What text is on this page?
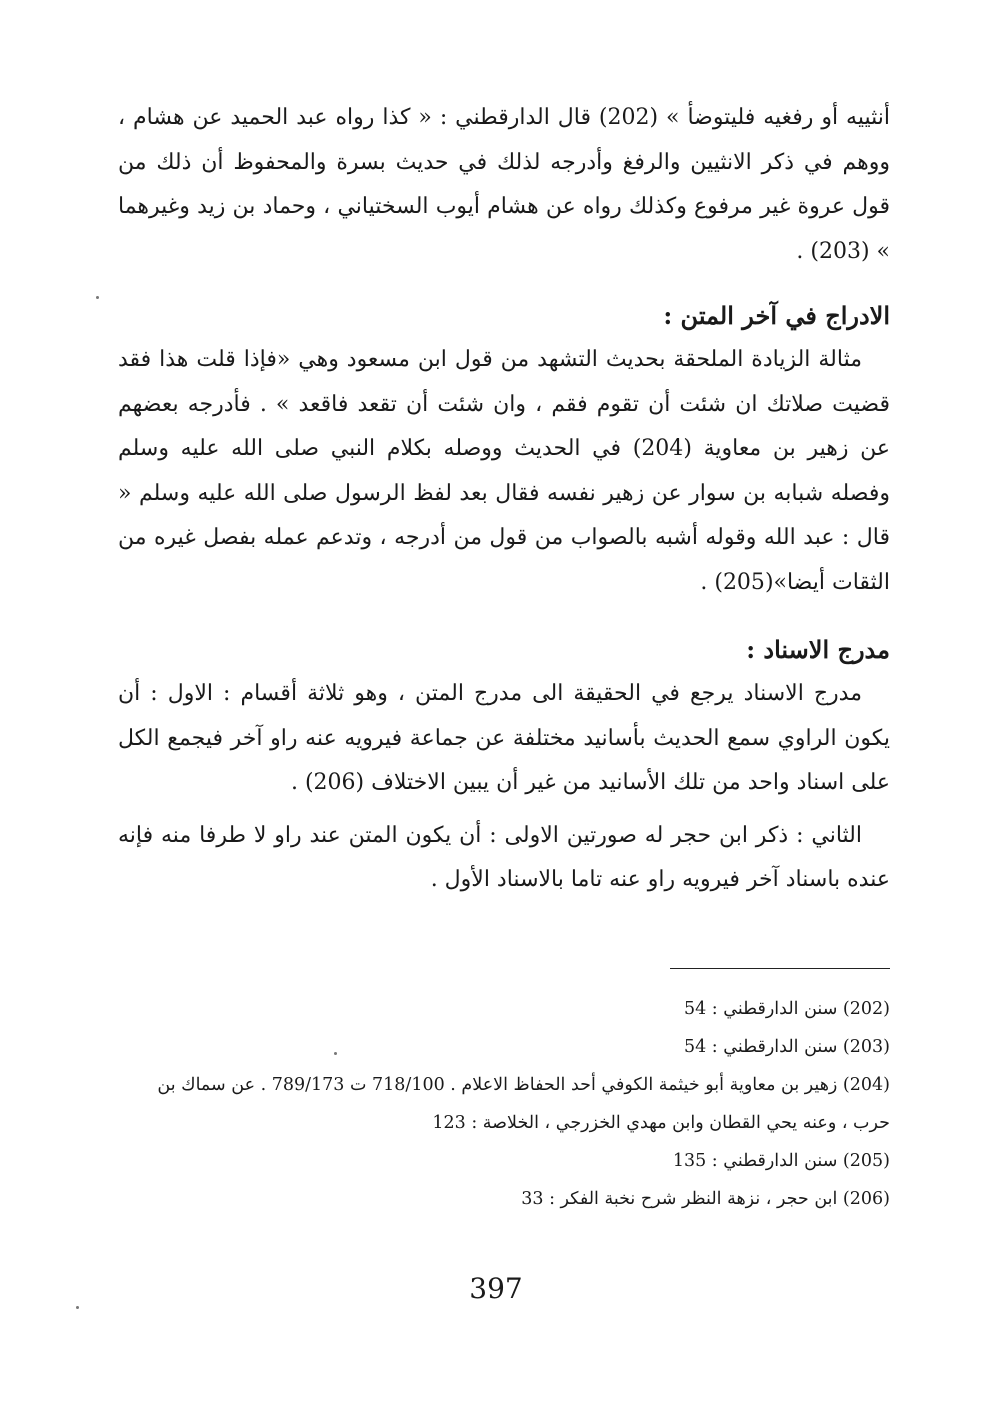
أنثييه أو رفغيه فليتوضأ » (202) قال الدارقطني : « كذا رواه عبد الحميد عن هشام ، ووهم في ذكر الانثيين والرفغ وأدرجه لذلك في حديث بسرة والمحفوظ أن ذلك من قول عروة غير مرفوع وكذلك رواه عن هشام أيوب السختياني ، وحماد بن زيد وغيرهما » (203) .

الادراج في آخر المتن :

مثالة الزيادة الملحقة بحديث التشهد من قول ابن مسعود وهي «فإذا قلت هذا فقد قضيت صلاتك ان شئت أن تقوم فقم ، وان شئت أن تقعد فاقعد » . فأدرجه بعضهم عن زهير بن معاوية (204) في الحديث ووصله بكلام النبي صلى الله عليه وسلم وفصله شبابه بن سوار عن زهير نفسه فقال بعد لفظ الرسول صلى الله عليه وسلم « قال : عبد الله وقوله أشبه بالصواب من قول من أدرجه ، وتدعم عمله بفصل غيره من الثقات أيضا»(205) .

مدرج الاسناد :

مدرج الاسناد يرجع في الحقيقة الى مدرج المتن ، وهو ثلاثة أقسام : الاول : أن يكون الراوي سمع الحديث بأسانيد مختلفة عن جماعة فيرويه عنه راو آخر فيجمع الكل على اسناد واحد من تلك الأسانيد من غير أن يبين الاختلاف (206) .

الثاني : ذكر ابن حجر له صورتين الاولى : أن يكون المتن عند راو لا طرفا منه فإنه عنده باسناد آخر فيرويه راو عنه تاما بالاسناد الأول .

(202) سنن الدارقطني : 54
(203) سنن الدارقطني : 54
(204) زهير بن معاوية أبو خيثمة الكوفي أحد الحفاظ الاعلام . 718/100 ت 789/173 . عن سماك بن حرب ، وعنه يحي القطان وابن مهدي الخزرجي ، الخلاصة : 123
(205) سنن الدارقطني : 135
(206) ابن حجر ، نزهة النظر شرح نخبة الفكر : 33
397
